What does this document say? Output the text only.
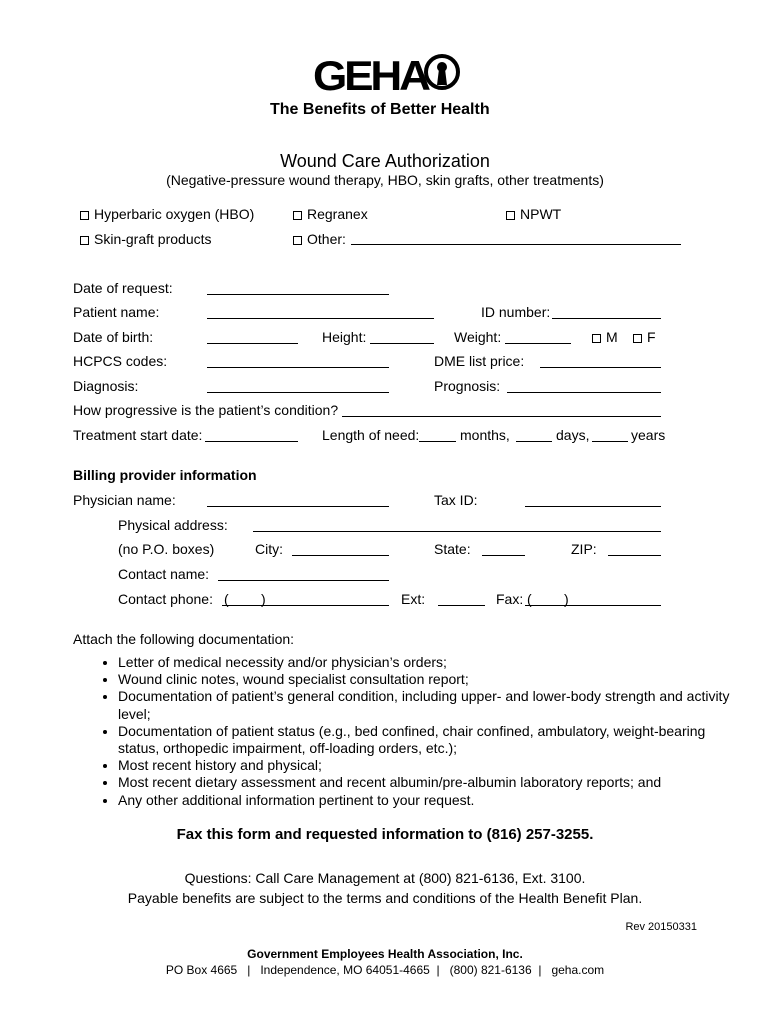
GEHA
The Benefits of Better Health
Wound Care Authorization
(Negative-pressure wound therapy, HBO, skin grafts, other treatments)
Hyperbaric oxygen (HBO)	Regranex	NPWT
Skin-graft products	Other:
Date of request:
Patient name:	ID number:
Date of birth:	Height:	Weight:	M	F
HCPCS codes:	DME list price:
Diagnosis:	Prognosis:
How progressive is the patient’s condition?
Treatment start date:	Length of need:	months,	days,	years
Billing provider information
Physician name:	Tax ID:
Physical address:
(no P.O. boxes)	City:	State:	ZIP:
Contact name:
Contact phone: ( )	Ext:	Fax: ( )
Attach the following documentation:
• Letter of medical necessity and/or physician’s orders;
• Wound clinic notes, wound specialist consultation report;
• Documentation of patient’s general condition, including upper- and lower-body strength and activity level;
• Documentation of patient status (e.g., bed confined, chair confined, ambulatory, weight-bearing status, orthopedic impairment, off-loading orders, etc.);
• Most recent history and physical;
• Most recent dietary assessment and recent albumin/pre-albumin laboratory reports; and
• Any other additional information pertinent to your request.
Fax this form and requested information to (816) 257-3255.
Questions: Call Care Management at (800) 821-6136, Ext. 3100.
Payable benefits are subject to the terms and conditions of the Health Benefit Plan.
Rev 20150331
Government Employees Health Association, Inc.
PO Box 4665   |   Independence, MO 64051-4665  |   (800) 821-6136  |   geha.com
